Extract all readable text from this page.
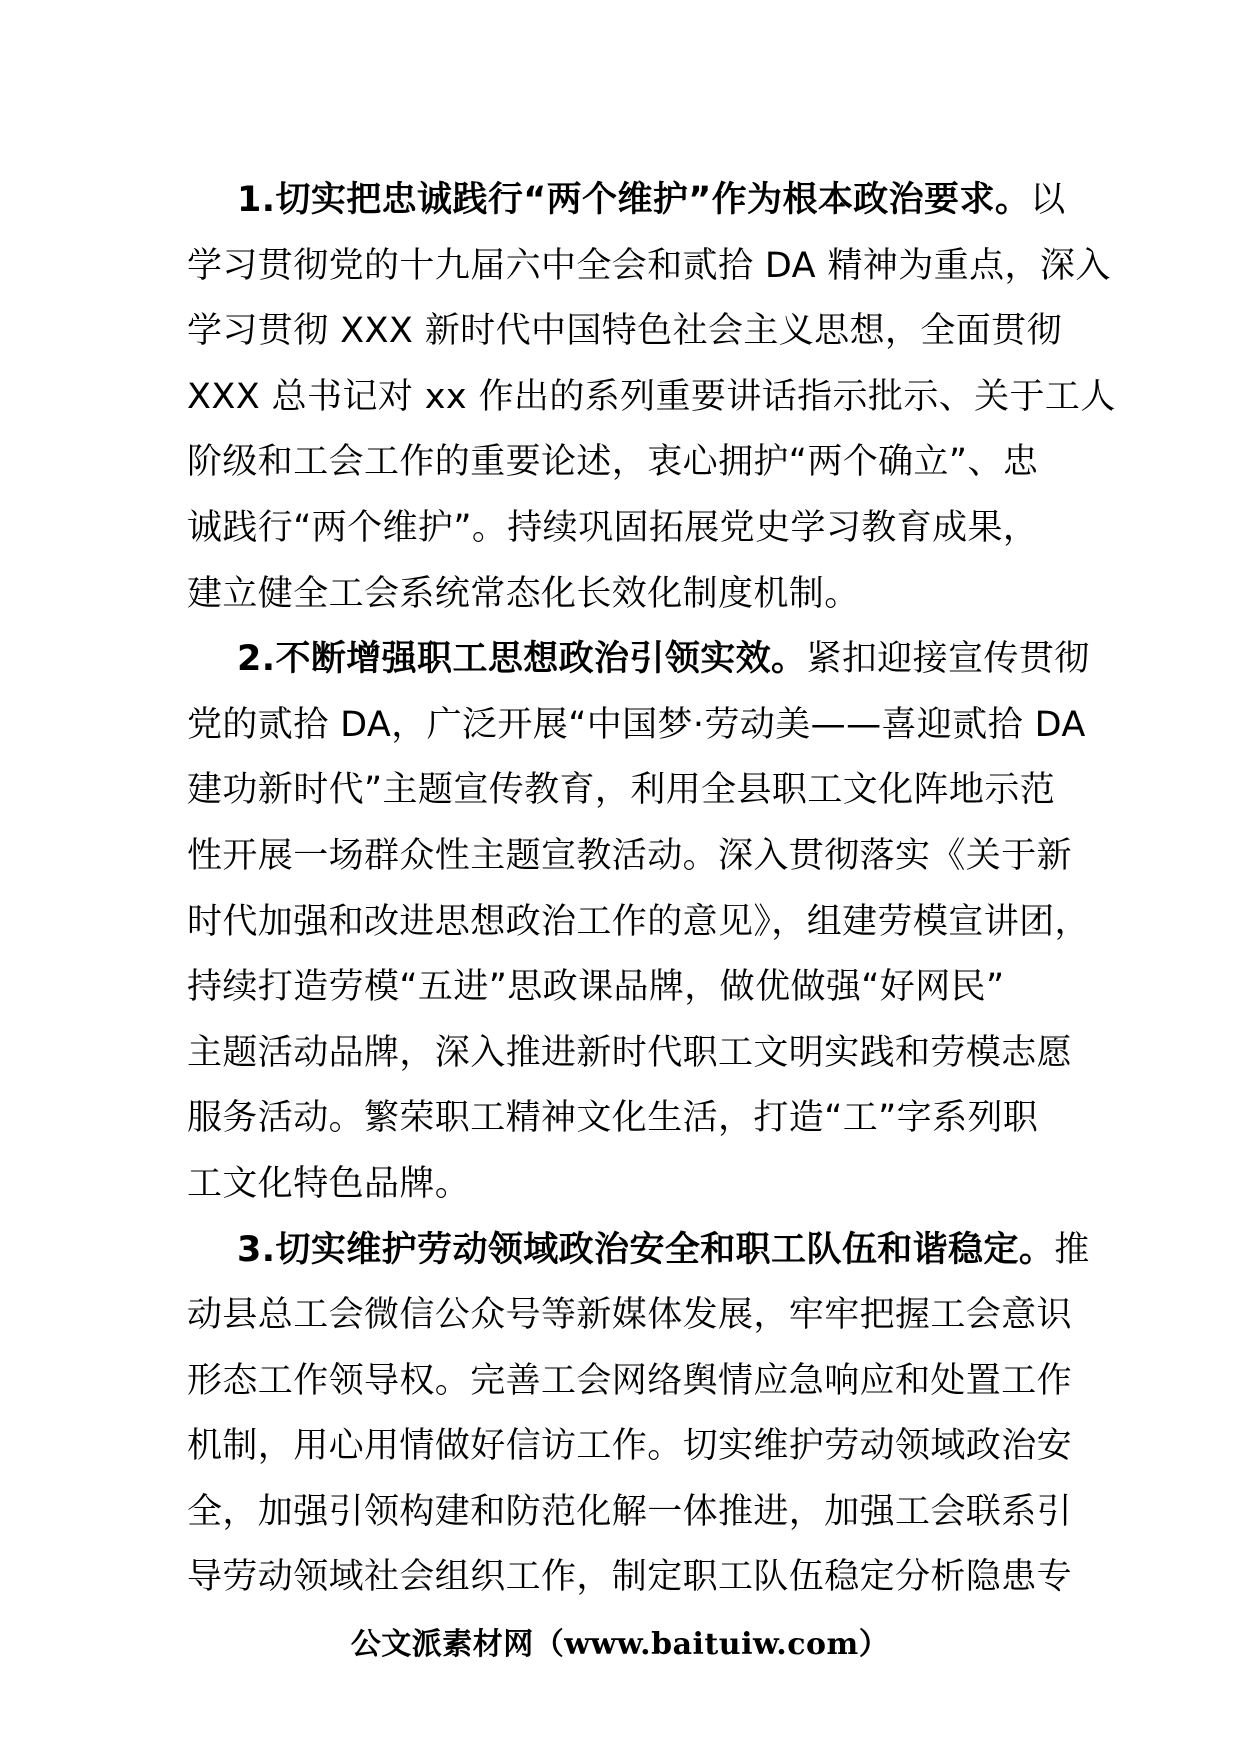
1.切实把忠诚践行“两个维护”作为根本政治要求。以
学习贯彻党的十九届六中全会和贰拾 DA 精神为重点，深入
学习贯彻 XXX 新时代中国特色社会主义思想，全面贯彻
XXX 总书记对 xx 作出的系列重要讲话指示批示、关于工人
阶级和工会工作的重要论述，衷心拥护“两个确立”、忠
诚践行“两个维护”。持续巩固拓展党史学习教育成果，
建立健全工会系统常态化长效化制度机制。

2.不断增强职工思想政治引领实效。紧扣迎接宣传贯彻
党的贰拾 DA，广泛开展“中国梦·劳动美——喜迎贰拾 DA
建功新时代”主题宣传教育，利用全县职工文化阵地示范
性开展一场群众性主题宣教活动。深入贯彻落实《关于新
时代加强和改进思想政治工作的意见》，组建劳模宣讲团，
持续打造劳模“五进”思政课品牌，做优做强“好网民”
主题活动品牌，深入推进新时代职工文明实践和劳模志愿
服务活动。繁荣职工精神文化生活，打造“工”字系列职
工文化特色品牌。

3.切实维护劳动领域政治安全和职工队伍和谐稳定。推
动县总工会微信公众号等新媒体发展，牢牢把握工会意识
形态工作领导权。完善工会网络舆情应急响应和处置工作
机制，用心用情做好信访工作。切实维护劳动领域政治安
全，加强引领构建和防范化解一体推进，加强工会联系引
导劳动领域社会组织工作，制定职工队伍稳定分析隐患专

公文派素材网（www.baituiw.com）
